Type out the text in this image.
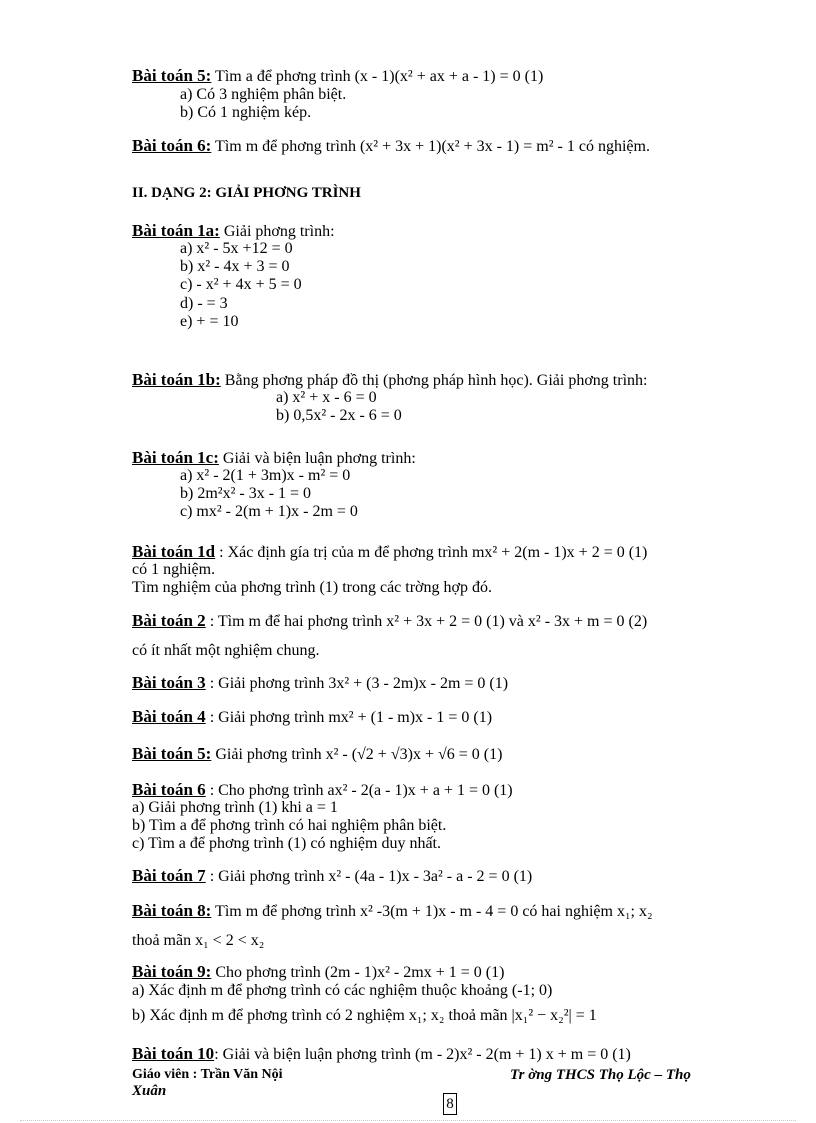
Bài toán 5: Tìm a để phơng trình (x - 1)(x² + ax + a - 1) = 0 (1)
a) Có 3 nghiệm phân biệt.
b) Có 1 nghiệm kép.
Bài toán 6: Tìm m để phơng trình (x² + 3x + 1)(x² + 3x - 1) = m² - 1 có nghiệm.
II. DẠNG 2: GIẢI PHƠNG TRÌNH
Bài toán 1a: Giải phơng trình:
a) x² - 5x +12 = 0
b) x² - 4x + 3 = 0
c) - x² + 4x + 5 = 0
d) - = 3
e) + = 10
Bài toán 1b: Bằng phơng pháp đồ thị (phơng pháp hình học). Giải phơng trình:
a) x² + x - 6 = 0
b) 0,5x² - 2x - 6 = 0
Bài toán 1c: Giải và biện luận phơng trình:
a) x² - 2(1 + 3m)x - m² = 0
b) 2m²x² - 3x - 1 = 0
c) mx² - 2(m + 1)x - 2m = 0
Bài toán 1d : Xác định gía trị của m để phơng trình mx² + 2(m - 1)x + 2 = 0 (1)
có 1 nghiệm.
Tìm nghiệm của phơng trình (1) trong các trờng hợp đó.
Bài toán 2 : Tìm m để hai phơng trình x² + 3x + 2 = 0 (1) và x² - 3x + m = 0 (2)
có ít nhất một nghiệm chung.
Bài toán 3 : Giải phơng trình 3x² + (3 - 2m)x - 2m = 0 (1)
Bài toán 4 : Giải phơng trình mx² + (1 - m)x - 1 = 0 (1)
Bài toán 5: Giải phơng trình x² - (√2 + √3)x + √6 = 0 (1)
Bài toán 6 : Cho phơng trình ax² - 2(a - 1)x + a + 1 = 0 (1)
a) Giải phơng trình (1) khi a = 1
b) Tìm a để phơng trình có hai nghiệm phân biệt.
c) Tìm a để phơng trình (1) có nghiệm duy nhất.
Bài toán 7 : Giải phơng trình x² - (4a - 1)x - 3a² - a - 2 = 0 (1)
Bài toán 8: Tìm m để phơng trình x² -3(m + 1)x - m - 4 = 0 có hai nghiệm x₁; x₂
thoả mãn x₁ < 2 < x₂
Bài toán 9: Cho phơng trình (2m - 1)x² - 2mx + 1 = 0 (1)
a) Xác định m để phơng trình có các nghiệm thuộc khoảng (-1; 0)
b) Xác định m để phơng trình có 2 nghiệm x₁; x₂ thoả mãn |x₁² − x₂²| = 1
Bài toán 10: Giải và biện luận phơng trình (m - 2)x² - 2(m + 1) x + m = 0 (1)
Giáo viên : Trần Văn Nội	Tr ờng THCS Thọ Lộc – Thọ
Xuân
8
